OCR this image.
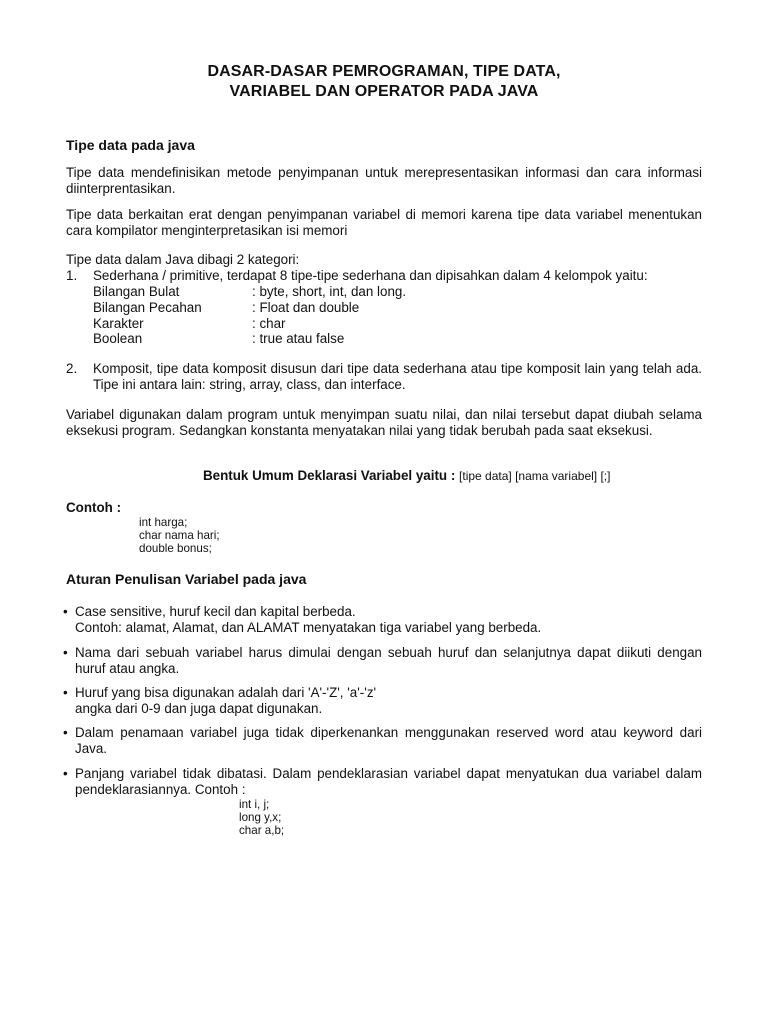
DASAR-DASAR PEMROGRAMAN, TIPE DATA,
VARIABEL DAN OPERATOR PADA JAVA
Tipe data pada java
Tipe data mendefinisikan metode penyimpanan untuk merepresentasikan informasi dan cara informasi diinterprentasikan.
Tipe data berkaitan erat dengan penyimpanan variabel di memori karena tipe data variabel menentukan cara kompilator menginterpretasikan isi memori
Tipe data dalam Java dibagi 2 kategori:
1. Sederhana / primitive, terdapat 8 tipe-tipe sederhana dan dipisahkan dalam 4 kelompok yaitu:
Bilangan Bulat	: byte, short, int, dan long.
Bilangan Pecahan	: Float dan double
Karakter	: char
Boolean	: true atau false
2. Komposit, tipe data komposit disusun dari tipe data sederhana atau tipe komposit lain yang telah ada. Tipe ini antara lain: string, array, class, dan interface.
Variabel digunakan dalam program untuk menyimpan suatu nilai, dan nilai tersebut dapat diubah selama eksekusi program. Sedangkan konstanta menyatakan nilai yang tidak berubah pada saat eksekusi.
Bentuk Umum Deklarasi Variabel yaitu : [tipe data] [nama variabel] [;]
Contoh :
int harga;
char nama hari;
double bonus;
Aturan Penulisan Variabel pada java
• Case sensitive, huruf kecil dan kapital berbeda.
Contoh: alamat, Alamat, dan ALAMAT menyatakan tiga variabel yang berbeda.
• Nama dari sebuah variabel harus dimulai dengan sebuah huruf dan selanjutnya dapat diikuti dengan huruf atau angka.
• Huruf yang bisa digunakan adalah dari 'A'-'Z', 'a'-'z'
angka dari 0-9 dan juga dapat digunakan.
• Dalam penamaan variabel juga tidak diperkenankan menggunakan reserved word atau keyword dari Java.
• Panjang variabel tidak dibatasi. Dalam pendeklarasian variabel dapat menyatukan dua variabel dalam pendeklarasiannya. Contoh :
int i, j;
long y,x;
char a,b;
